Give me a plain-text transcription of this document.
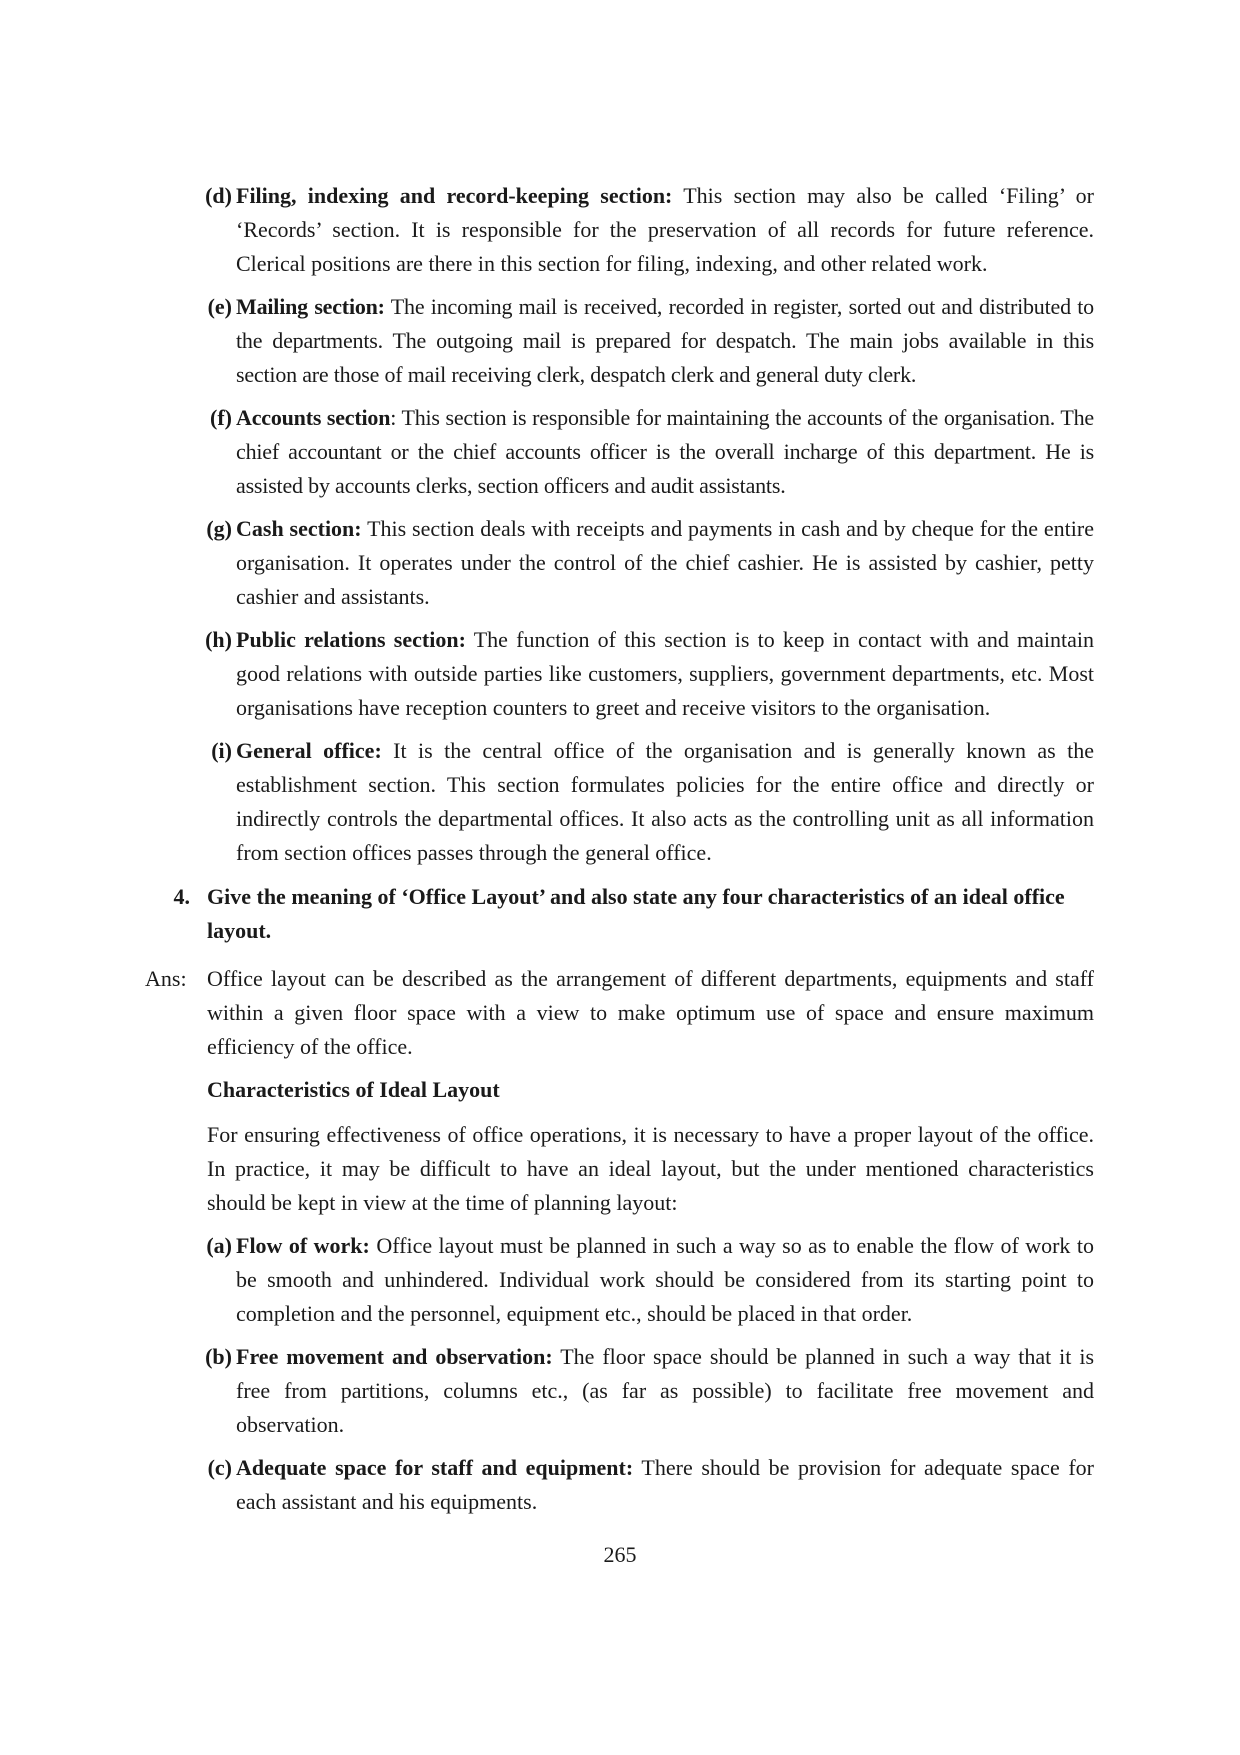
(d) Filing, indexing and record-keeping section: This section may also be called ‘Filing’ or ‘Records’ section. It is responsible for the preservation of all records for future reference. Clerical positions are there in this section for filing, indexing, and other related work.
(e) Mailing section: The incoming mail is received, recorded in register, sorted out and distributed to the departments. The outgoing mail is prepared for despatch. The main jobs available in this section are those of mail receiving clerk, despatch clerk and general duty clerk.
(f) Accounts section: This section is responsible for maintaining the accounts of the organisation. The chief accountant or the chief accounts officer is the overall incharge of this department. He is assisted by accounts clerks, section officers and audit assistants.
(g) Cash section: This section deals with receipts and payments in cash and by cheque for the entire organisation. It operates under the control of the chief cashier. He is assisted by cashier, petty cashier and assistants.
(h) Public relations section: The function of this section is to keep in contact with and maintain good relations with outside parties like customers, suppliers, government departments, etc. Most organisations have reception counters to greet and receive visitors to the organisation.
(i) General office: It is the central office of the organisation and is generally known as the establishment section. This section formulates policies for the entire office and directly or indirectly controls the departmental offices. It also acts as the controlling unit as all information from section offices passes through the general office.
4. Give the meaning of ‘Office Layout’ and also state any four characteristics of an ideal office layout.
Ans: Office layout can be described as the arrangement of different departments, equipments and staff within a given floor space with a view to make optimum use of space and ensure maximum efficiency of the office.
Characteristics of Ideal Layout
For ensuring effectiveness of office operations, it is necessary to have a proper layout of the office. In practice, it may be difficult to have an ideal layout, but the under mentioned characteristics should be kept in view at the time of planning layout:
(a) Flow of work: Office layout must be planned in such a way so as to enable the flow of work to be smooth and unhindered. Individual work should be considered from its starting point to completion and the personnel, equipment etc., should be placed in that order.
(b) Free movement and observation: The floor space should be planned in such a way that it is free from partitions, columns etc., (as far as possible) to facilitate free movement and observation.
(c) Adequate space for staff and equipment: There should be provision for adequate space for each assistant and his equipments.
265
